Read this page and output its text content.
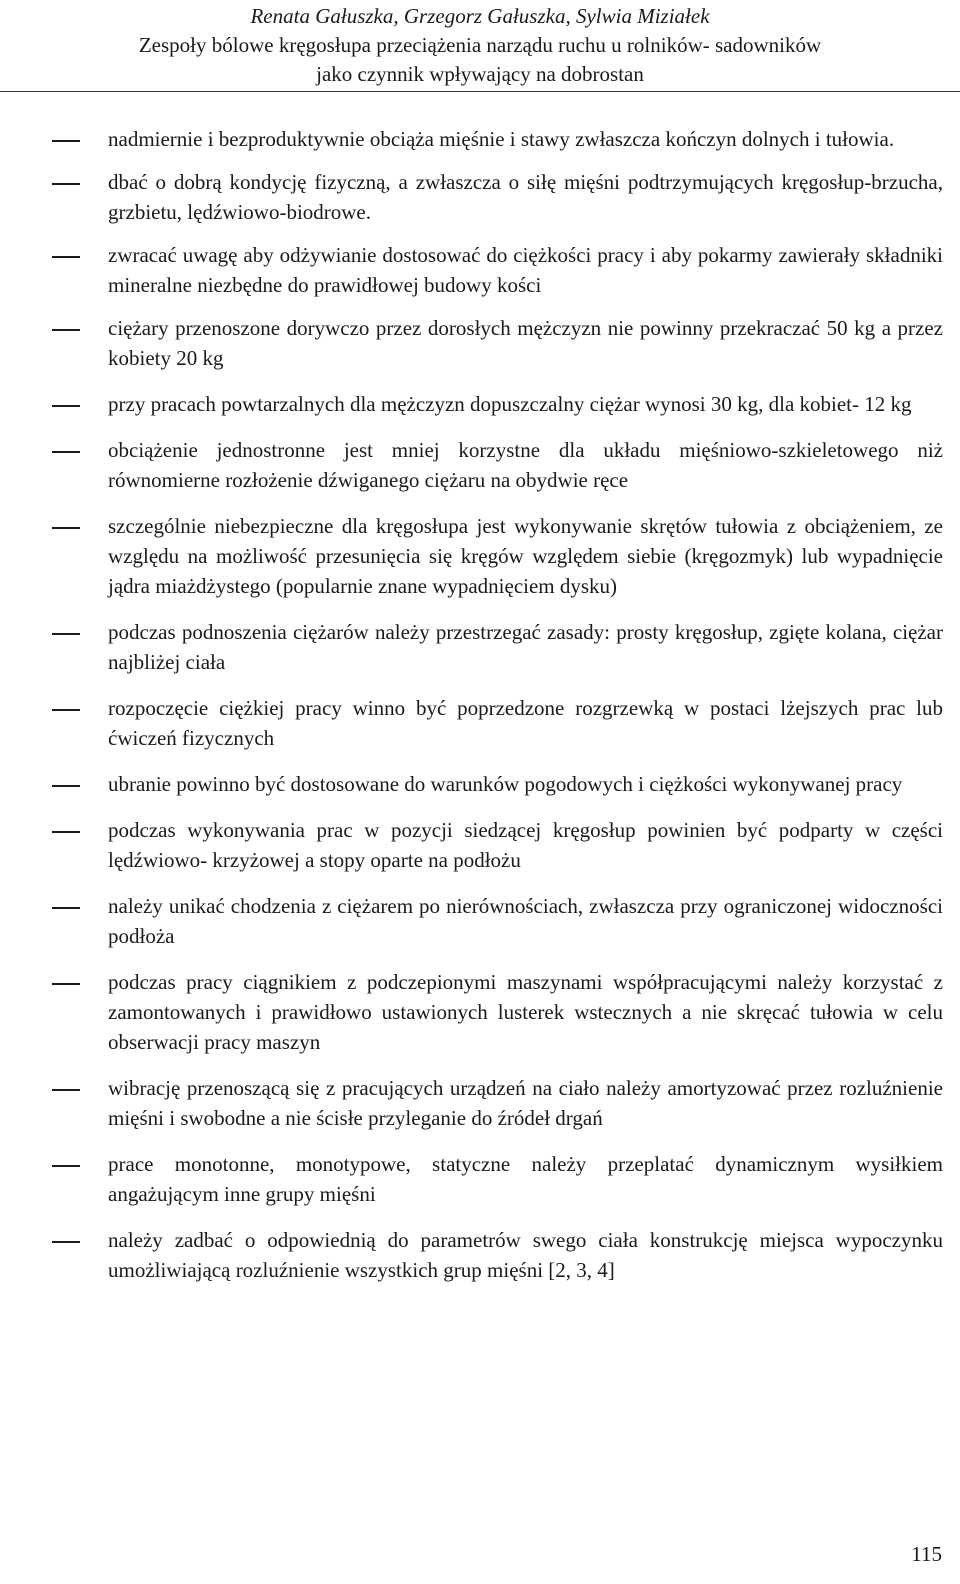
Renata Gałuszka, Grzegorz Gałuszka, Sylwia Miziałek
Zespoły bólowe kręgosłupa przeciążenia narządu ruchu u rolników- sadowników
jako czynnik wpływający na dobrostan
nadmiernie i bezproduktywnie obciąża mięśnie i stawy zwłaszcza kończyn dolnych i tułowia.
dbać o dobrą kondycję fizyczną, a zwłaszcza o siłę mięśni podtrzymujących kręgosłup-brzucha, grzbietu, lędźwiowo-biodrowe.
zwracać uwagę aby odżywianie dostosować do ciężkości pracy i aby pokarmy zawierały składniki mineralne niezbędne do prawidłowej budowy kości
ciężary przenoszone dorywczo przez dorosłych mężczyzn nie powinny przekraczać 50 kg a przez kobiety 20 kg
przy pracach powtarzalnych dla mężczyzn dopuszczalny ciężar wynosi 30 kg, dla kobiet- 12 kg
obciążenie jednostronne jest mniej korzystne dla układu mięśniowo-szkieletowego niż równomierne rozłożenie dźwiganego ciężaru na obydwie ręce
szczególnie niebezpieczne dla kręgosłupa jest wykonywanie skrętów tułowia z obciążeniem, ze względu na możliwość przesunięcia się kręgów względem siebie (kręgozmyk) lub wypadnięcie jądra miażdżystego (popularnie znane wypadnięciem dysku)
podczas podnoszenia ciężarów należy przestrzegać zasady: prosty kręgosłup, zgięte kolana, ciężar najbliżej ciała
rozpoczęcie ciężkiej pracy winno być poprzedzone rozgrzewką w postaci lżejszych prac lub ćwiczeń fizycznych
ubranie powinno być dostosowane do warunków pogodowych i ciężkości wykonywanej pracy
podczas wykonywania prac w pozycji siedzącej kręgosłup powinien być podparty w części lędźwiowo- krzyżowej a stopy oparte na podłożu
należy unikać chodzenia z ciężarem po nierównościach, zwłaszcza przy ograniczonej widoczności podłoża
podczas pracy ciągnikiem z podczepionymi maszynami współpracującymi należy korzystać z zamontowanych i prawidłowo ustawionych lusterek wstecznych a nie skręcać tułowia w celu obserwacji pracy maszyn
wibrację przenoszącą się z pracujących urządzeń na ciało należy amortyzować przez rozluźnienie mięśni i swobodne a nie ścisłe przyleganie do źródeł drgań
prace monotonne, monotypowe, statyczne należy przeplatać dynamicznym wysiłkiem angażującym inne grupy mięśni
należy zadbać o odpowiednią do parametrów swego ciała konstrukcję miejsca wypoczynku umożliwiającą rozluźnienie wszystkich grup mięśni [2, 3, 4]
115
